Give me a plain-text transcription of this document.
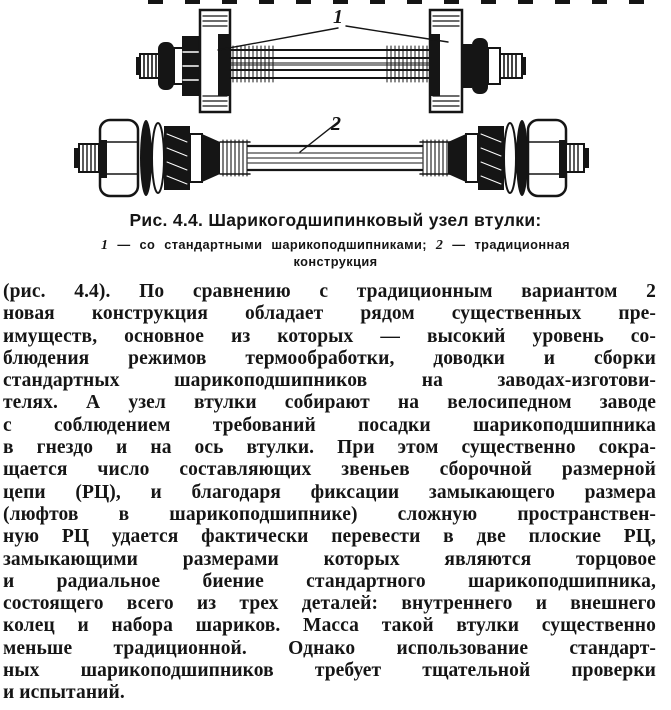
1
2
Рис. 4.4. Шарикогодшипинковый узел втулки:
1 — со стандартными шарикоподшипниками; 2 — традиционная
конструкция
(рис. 4.4). По сравнению с традиционным вариантом 2
новая конструкция обладает рядом существенных пре-
имуществ, основное из которых — высокий уровень со-
блюдения режимов термообработки, доводки и сборки
стандартных шарикоподшипников на заводах-изготови-
телях. А узел втулки собирают на велосипедном заводе
с соблюдением требований посадки шарикоподшипника
в гнездо и на ось втулки. При этом существенно сокра-
щается число составляющих звеньев сборочной размерной
цепи (РЦ), и благодаря фиксации замыкающего размера
(люфтов в шарикоподшипнике) сложную пространствен-
ную РЦ удается фактически перевести в две плоские РЦ,
замыкающими размерами которых являются торцовое
и радиальное биение стандартного шарикоподшипника,
состоящего всего из трех деталей: внутреннего и внешнего
колец и набора шариков. Масса такой втулки существенно
меньше традиционной. Однако использование стандарт-
ных шарикоподшипников требует тщательной проверки
и испытаний.
